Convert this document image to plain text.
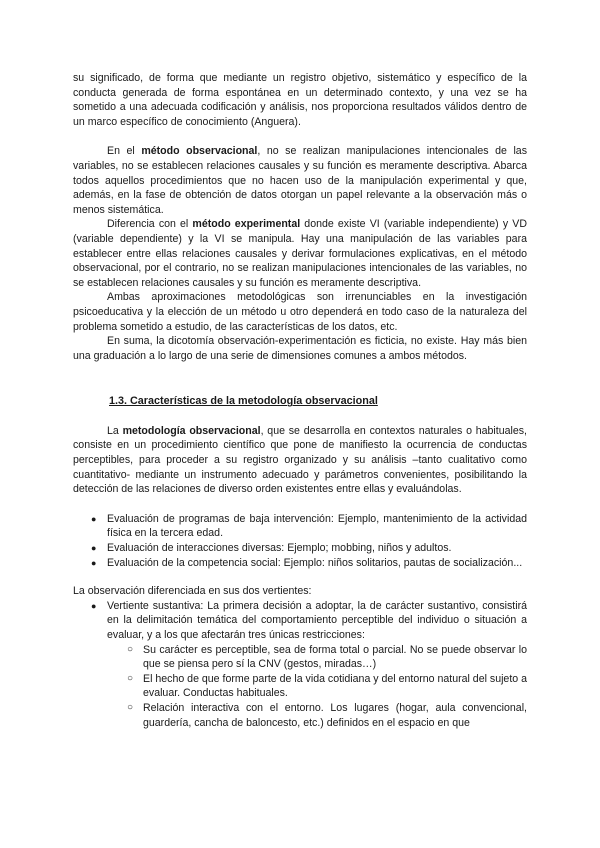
su significado, de forma que mediante un registro objetivo, sistemático y específico de la conducta generada de forma espontánea en un determinado contexto, y una vez se ha sometido a una adecuada codificación y análisis, nos proporciona resultados válidos dentro de un marco específico de conocimiento (Anguera).

En el método observacional, no se realizan manipulaciones intencionales de las variables, no se establecen relaciones causales y su función es meramente descriptiva. Abarca todos aquellos procedimientos que no hacen uso de la manipulación experimental y que, además, en la fase de obtención de datos otorgan un papel relevante a la observación más o menos sistemática.

Diferencia con el método experimental donde existe VI (variable independiente) y VD (variable dependiente) y la VI se manipula. Hay una manipulación de las variables para establecer entre ellas relaciones causales y derivar formulaciones explicativas, en el método observacional, por el contrario, no se realizan manipulaciones intencionales de las variables, no se establecen relaciones causales y su función es meramente descriptiva.

Ambas aproximaciones metodológicas son irrenunciables en la investigación psicoeducativa y la elección de un método u otro dependerá en todo caso de la naturaleza del problema sometido a estudio, de las características de los datos, etc.

En suma, la dicotomía observación-experimentación es ficticia, no existe. Hay más bien una graduación a lo largo de una serie de dimensiones comunes a ambos métodos.

1.3. Características de la metodología observacional

La metodología observacional, que se desarrolla en contextos naturales o habituales, consiste en un procedimiento científico que pone de manifiesto la ocurrencia de conductas perceptibles, para proceder a su registro organizado y su análisis –tanto cualitativo como cuantitativo- mediante un instrumento adecuado y parámetros convenientes, posibilitando la detección de las relaciones de diverso orden existentes entre ellas y evaluándolas.

● Evaluación de programas de baja intervención: Ejemplo, mantenimiento de la actividad física en la tercera edad.
● Evaluación de interacciones diversas: Ejemplo; mobbing, niños y adultos.
● Evaluación de la competencia social: Ejemplo: niños solitarios, pautas de socialización...

La observación diferenciada en sus dos vertientes:

● Vertiente sustantiva: La primera decisión a adoptar, la de carácter sustantivo, consistirá en la delimitación temática del comportamiento perceptible del individuo o situación a evaluar, y a los que afectarán tres únicas restricciones:
○ Su carácter es perceptible, sea de forma total o parcial. No se puede observar lo que se piensa pero sí la CNV (gestos, miradas…)
○ El hecho de que forme parte de la vida cotidiana y del entorno natural del sujeto a evaluar. Conductas habituales.
○ Relación interactiva con el entorno. Los lugares (hogar, aula convencional, guardería, cancha de baloncesto, etc.) definidos en el espacio en que
